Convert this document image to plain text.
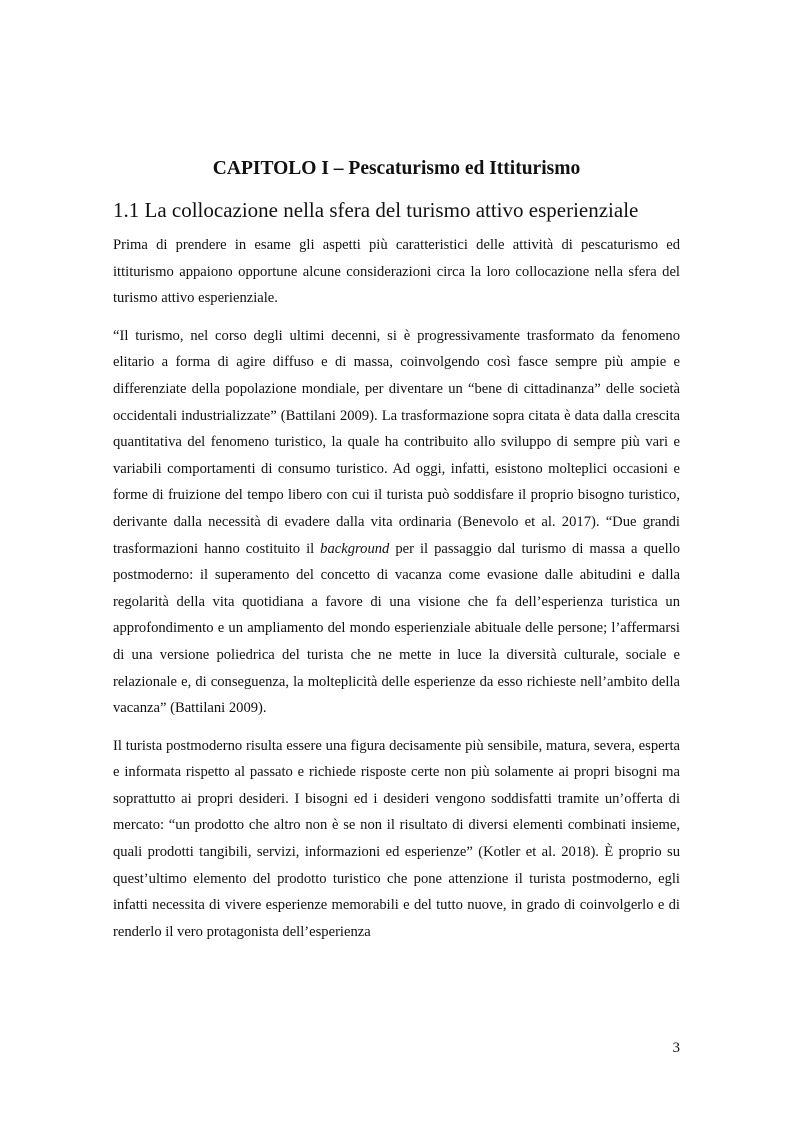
CAPITOLO I – Pescaturismo ed Ittiturismo
1.1 La collocazione nella sfera del turismo attivo esperienziale

Prima di prendere in esame gli aspetti più caratteristici delle attività di pescaturismo ed ittiturismo appaiono opportune alcune considerazioni circa la loro collocazione nella sfera del turismo attivo esperienziale.

“Il turismo, nel corso degli ultimi decenni, si è progressivamente trasformato da fenomeno elitario a forma di agire diffuso e di massa, coinvolgendo così fasce sempre più ampie e differenziate della popolazione mondiale, per diventare un “bene di cittadinanza” delle società occidentali industrializzate” (Battilani 2009). La trasformazione sopra citata è data dalla crescita quantitativa del fenomeno turistico, la quale ha contribuito allo sviluppo di sempre più vari e variabili comportamenti di consumo turistico. Ad oggi, infatti, esistono molteplici occasioni e forme di fruizione del tempo libero con cui il turista può soddisfare il proprio bisogno turistico, derivante dalla necessità di evadere dalla vita ordinaria (Benevolo et al. 2017). “Due grandi trasformazioni hanno costituito il background per il passaggio dal turismo di massa a quello postmoderno: il superamento del concetto di vacanza come evasione dalle abitudini e dalla regolarità della vita quotidiana a favore di una visione che fa dell’esperienza turistica un approfondimento e un ampliamento del mondo esperienziale abituale delle persone; l’affermarsi di una versione poliedrica del turista che ne mette in luce la diversità culturale, sociale e relazionale e, di conseguenza, la molteplicità delle esperienze da esso richieste nell’ambito della vacanza” (Battilani 2009).

Il turista postmoderno risulta essere una figura decisamente più sensibile, matura, severa, esperta e informata rispetto al passato e richiede risposte certe non più solamente ai propri bisogni ma soprattutto ai propri desideri. I bisogni ed i desideri vengono soddisfatti tramite un’offerta di mercato: “un prodotto che altro non è se non il risultato di diversi elementi combinati insieme, quali prodotti tangibili, servizi, informazioni ed esperienze” (Kotler et al. 2018). È proprio su quest’ultimo elemento del prodotto turistico che pone attenzione il turista postmoderno, egli infatti necessita di vivere esperienze memorabili e del tutto nuove, in grado di coinvolgerlo e di renderlo il vero protagonista dell’esperienza

3
